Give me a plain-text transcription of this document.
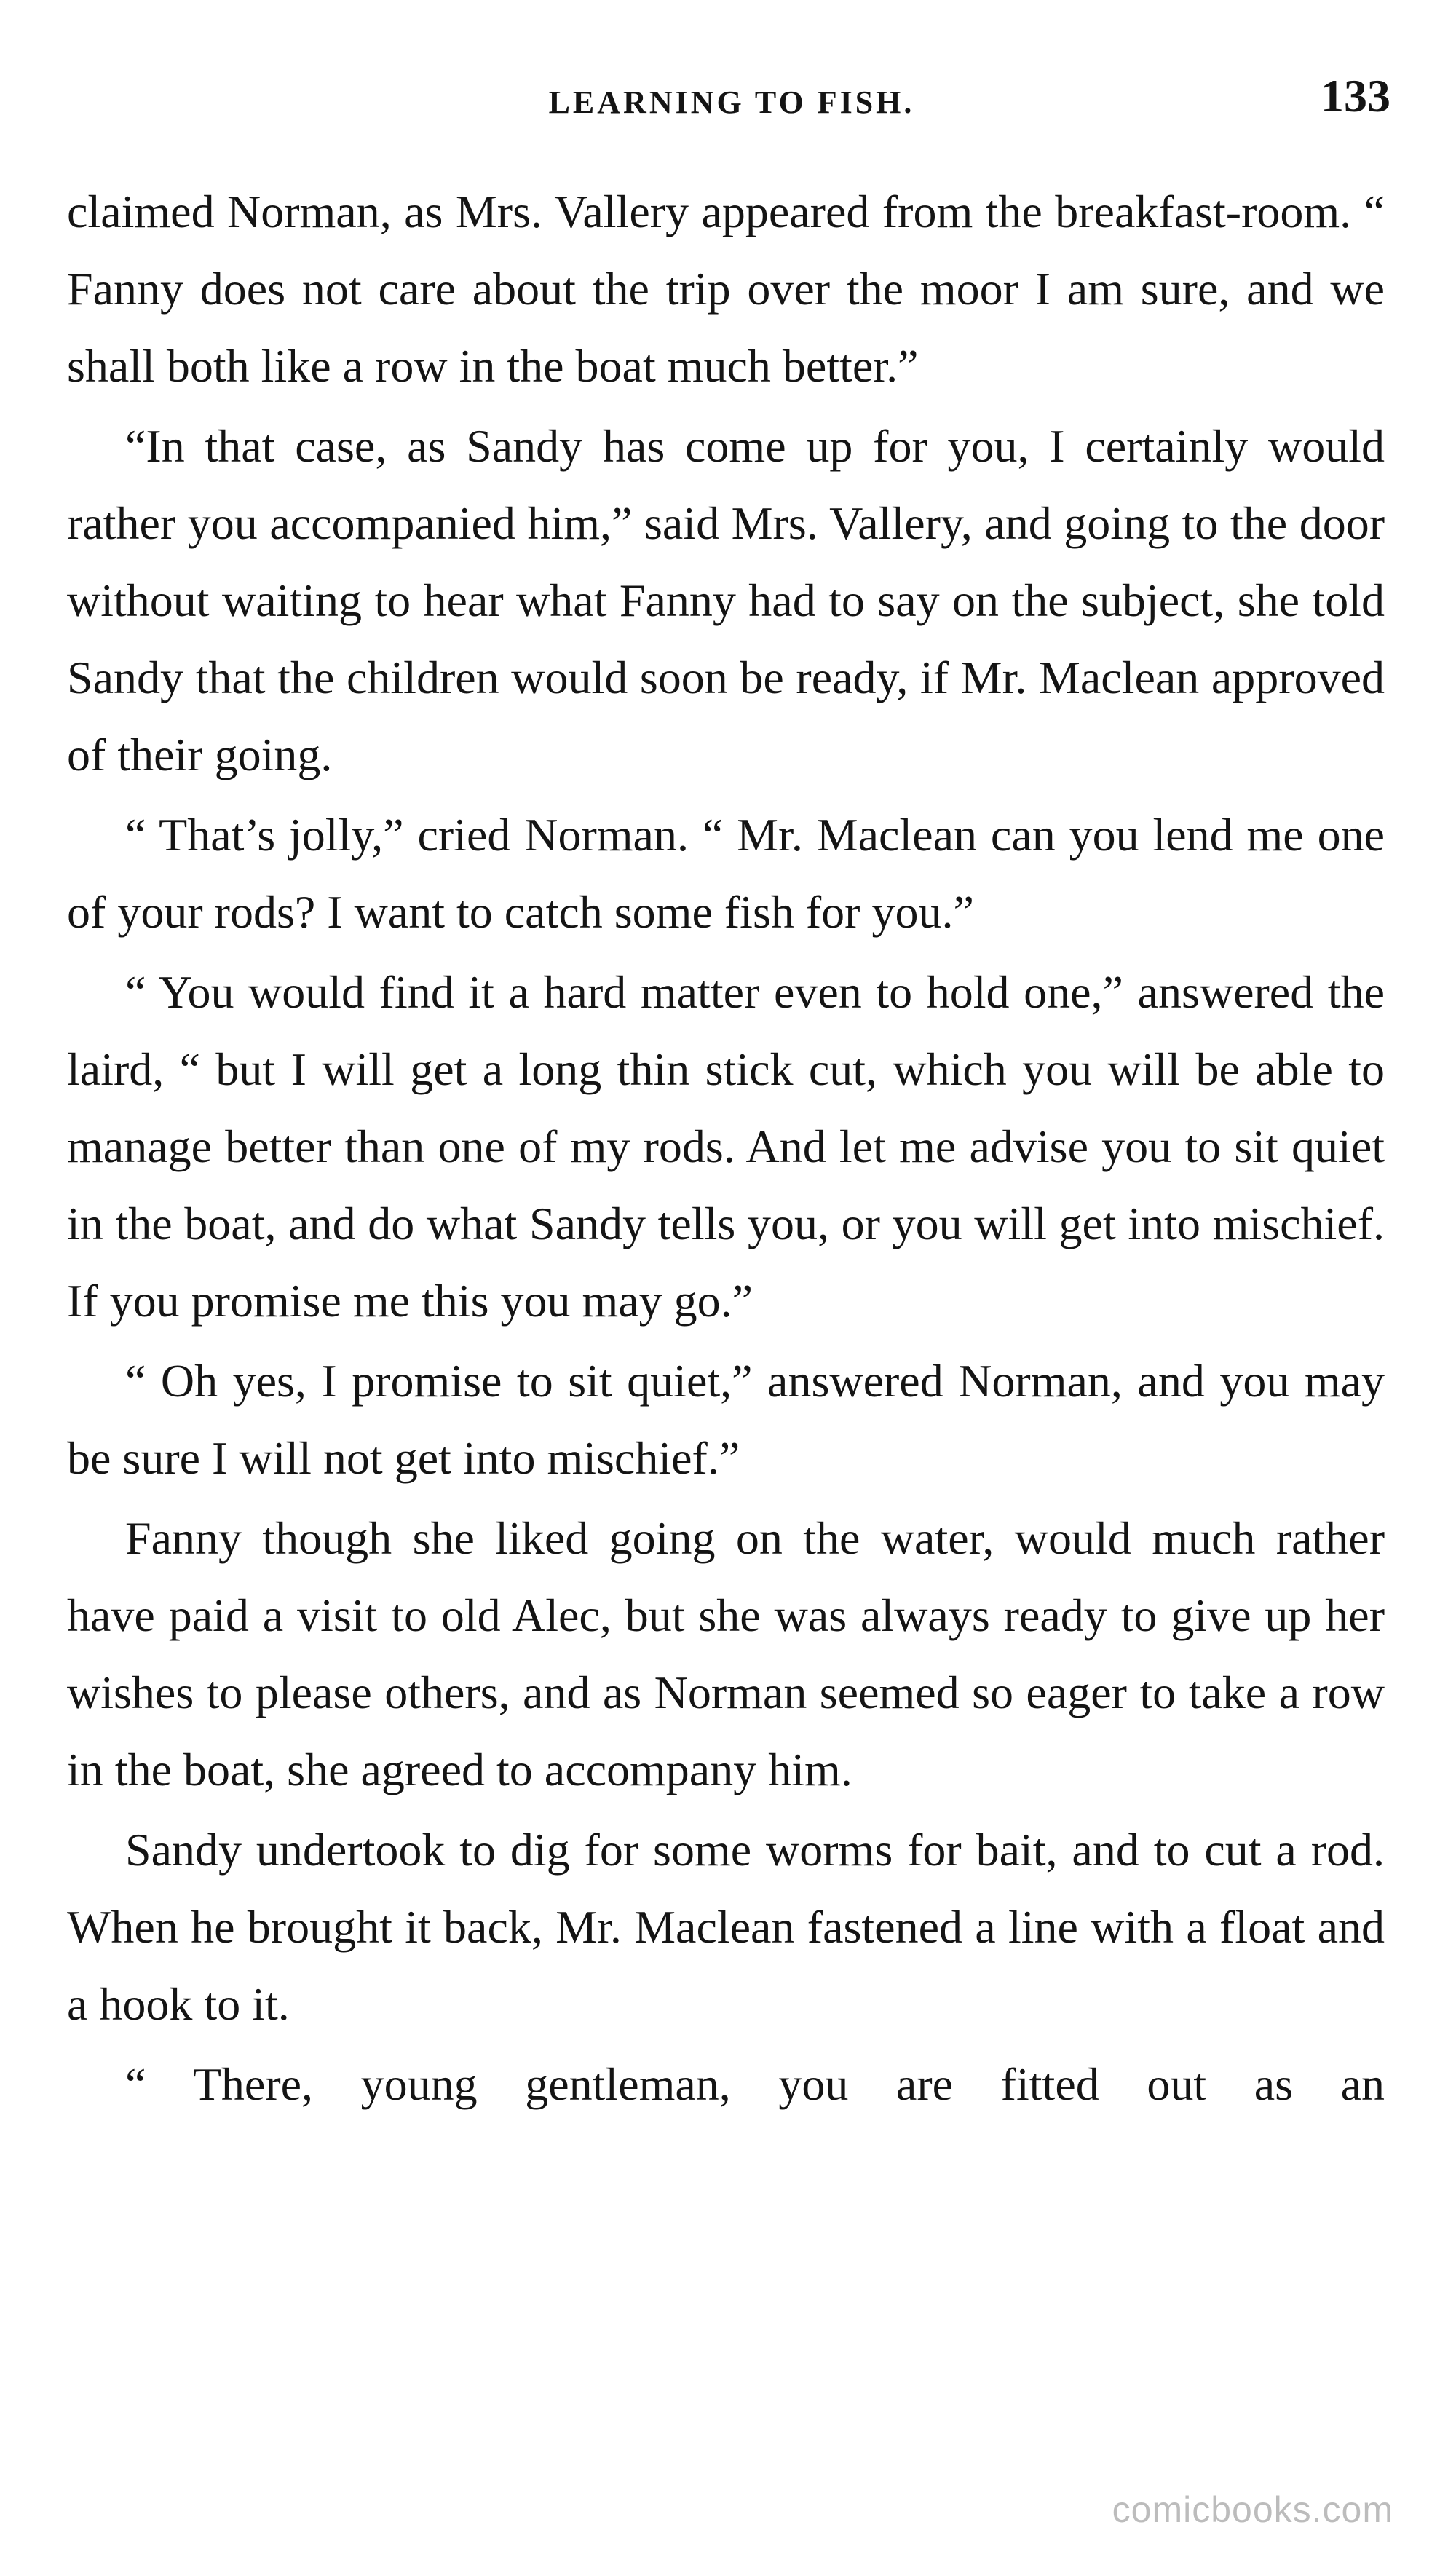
LEARNING TO FISH.	133

claimed Norman, as Mrs. Vallery appeared from the breakfast-room. “ Fanny does not care about the trip over the moor I am sure, and we shall both like a row in the boat much better.”

“In that case, as Sandy has come up for you, I certainly would rather you accompanied him,” said Mrs. Vallery, and going to the door without waiting to hear what Fanny had to say on the subject, she told Sandy that the children would soon be ready, if Mr. Maclean approved of their going.

“ That’s jolly,” cried Norman. “ Mr. Maclean can you lend me one of your rods? I want to catch some fish for you.”

“ You would find it a hard matter even to hold one,” answered the laird, “ but I will get a long thin stick cut, which you will be able to manage better than one of my rods. And let me advise you to sit quiet in the boat, and do what Sandy tells you, or you will get into mischief. If you promise me this you may go.”

“ Oh yes, I promise to sit quiet,” answered Norman, and you may be sure I will not get into mischief.”

Fanny though she liked going on the water, would much rather have paid a visit to old Alec, but she was always ready to give up her wishes to please others, and as Norman seemed so eager to take a row in the boat, she agreed to accompany him.

Sandy undertook to dig for some worms for bait, and to cut a rod. When he brought it back, Mr. Maclean fastened a line with a float and a hook to it.

“ There, young gentleman, you are fitted out as an

comicbooks.com
